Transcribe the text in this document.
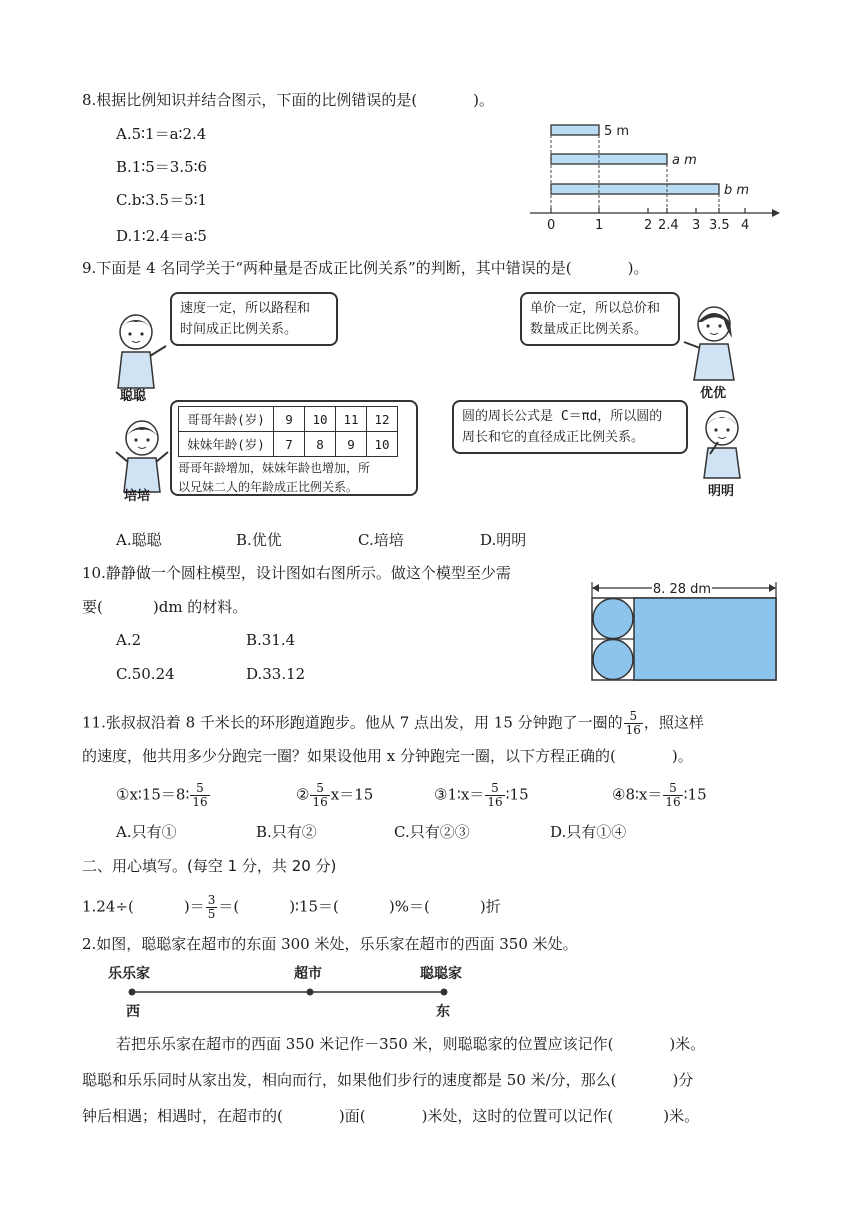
8.根据比例知识并结合图示，下面的比例错误的是(	)。
A.5∶1＝a∶2.4
B.1∶5＝3.5∶6
C.b∶3.5＝5∶1
D.1∶2.4＝a∶5
5 m
a m
b m
0	1	2 2.4 3 3.5 4
9.下面是 4 名同学关于“两种量是否成正比例关系”的判断，其中错误的是(	)。
聪聪
速度一定，所以路程和
时间成正比例关系。
单价一定，所以总价和
数量成正比例关系。
优优
培培
哥哥年龄(岁)	9	10	11	12
妹妹年龄(岁)	7	8	9	10
哥哥年龄增加，妹妹年龄也增加，所
以兄妹二人的年龄成正比例关系。
圆的周长公式是 C＝πd，所以圆的
周长和它的直径成正比例关系。
明明
A.聪聪	B.优优	C.培培	D.明明
10.静静做一个圆柱模型，设计图如右图所示。做这个模型至少需
要(	)dm 的材料。
A.2	B.31.4
C.50.24	D.33.12
8. 28 dm
11.张叔叔沿着 8 千米长的环形跑道跑步。他从 7 点出发，用 15 分钟跑了一圈的 $\frac{5}{16}$ ，照这样
的速度，他共用多少分跑完一圈？如果设他用 x 分钟跑完一圈，以下方程正确的(	)。
①x∶15＝8∶ $\frac{5}{16}$	② $\frac{5}{16} x=15$	③1∶x＝ $\frac{5}{16}$ ∶15	④8∶x＝ $\frac{5}{16}$ ∶15
A.只有①	B.只有②	C.只有②③	D.只有①④
二、用心填写。(每空 1 分，共 20 分)
1.24÷(	)＝ $\frac{3}{5}$ ＝(	)∶15＝(	)%＝(	)折
2.如图，聪聪家在超市的东面 300 米处，乐乐家在超市的西面 350 米处。
乐乐家	超市	聪聪家
西	东
若把乐乐家在超市的西面 350 米记作－350 米，则聪聪家的位置应该记作(	)米。
聪聪和乐乐同时从家出发，相向而行，如果他们步行的速度都是 50 米/分，那么(	)分
钟后相遇；相遇时，在超市的(	)面(	)米处，这时的位置可以记作(	)米。
